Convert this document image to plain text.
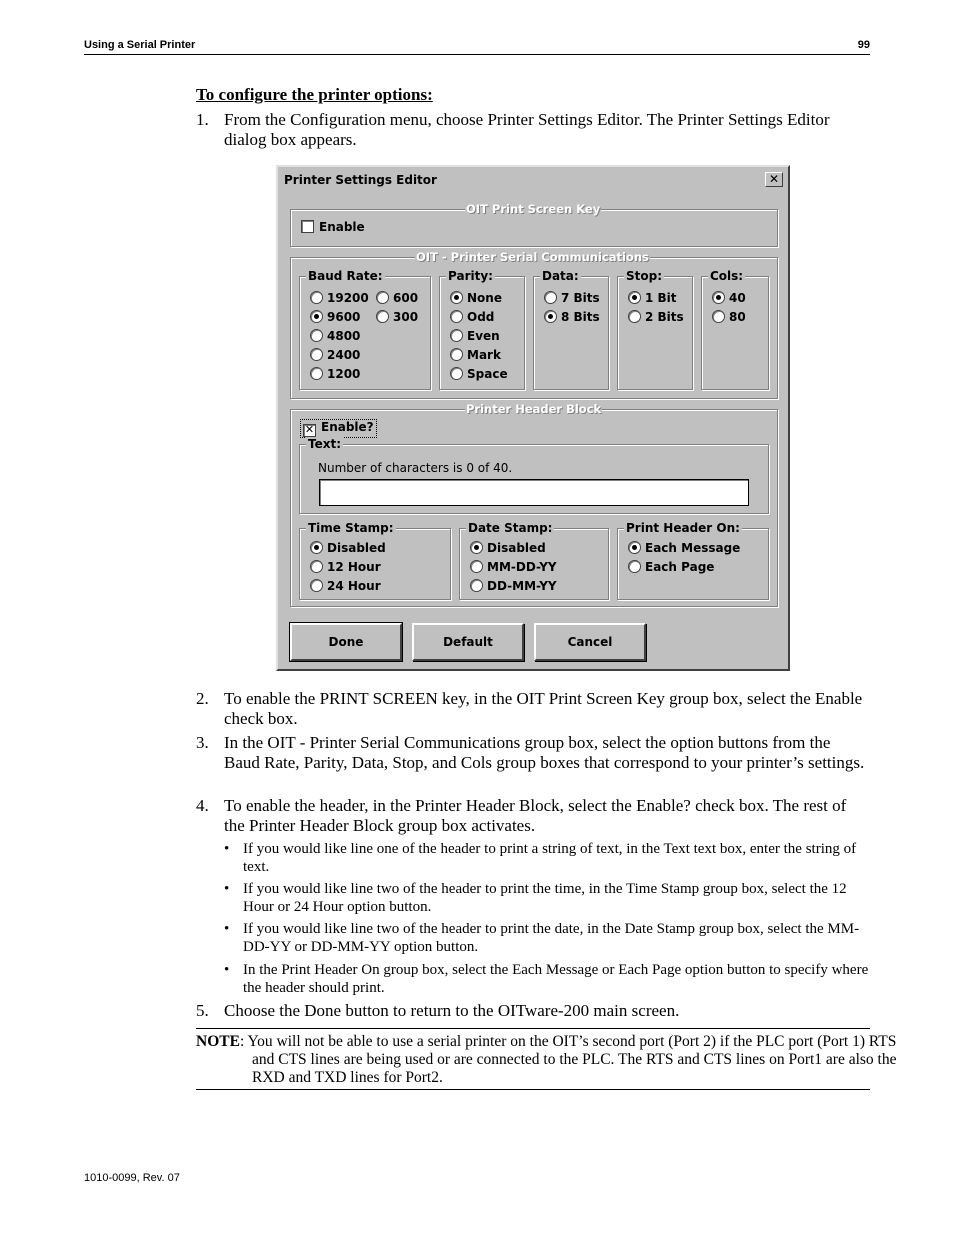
Using a Serial Printer	99
To configure the printer options:
1. From the Configuration menu, choose Printer Settings Editor. The Printer Settings Editor dialog box appears.
Printer Settings Editor	✕
OIT Print Screen Key
Enable
OIT - Printer Serial Communications
Baud Rate:
19200
9600
4800
2400
1200
600
300
Parity:
None
Odd
Even
Mark
Space
Data:
7 Bits
8 Bits
Stop:
1 Bit
2 Bits
Cols:
40
80
Printer Header Block
✕ Enable?
Text:
Number of characters is 0 of 40.
Time Stamp:
Disabled
12 Hour
24 Hour
Date Stamp:
Disabled
MM-DD-YY
DD-MM-YY
Print Header On:
Each Message
Each Page
Done	Default	Cancel
2. To enable the PRINT SCREEN key, in the OIT Print Screen Key group box, select the Enable check box.
3. In the OIT - Printer Serial Communications group box, select the option buttons from the Baud Rate, Parity, Data, Stop, and Cols group boxes that correspond to your printer’s settings.
4. To enable the header, in the Printer Header Block, select the Enable? check box. The rest of the Printer Header Block group box activates.
• If you would like line one of the header to print a string of text, in the Text text box, enter the string of text.
• If you would like line two of the header to print the time, in the Time Stamp group box, select the 12 Hour or 24 Hour option button.
• If you would like line two of the header to print the date, in the Date Stamp group box, select the MM-DD-YY or DD-MM-YY option button.
• In the Print Header On group box, select the Each Message or Each Page option button to specify where the header should print.
5. Choose the Done button to return to the OITware-200 main screen.
NOTE: You will not be able to use a serial printer on the OIT’s second port (Port 2) if the PLC port (Port 1) RTS and CTS lines are being used or are connected to the PLC. The RTS and CTS lines on Port1 are also the RXD and TXD lines for Port2.
1010-0099, Rev. 07
